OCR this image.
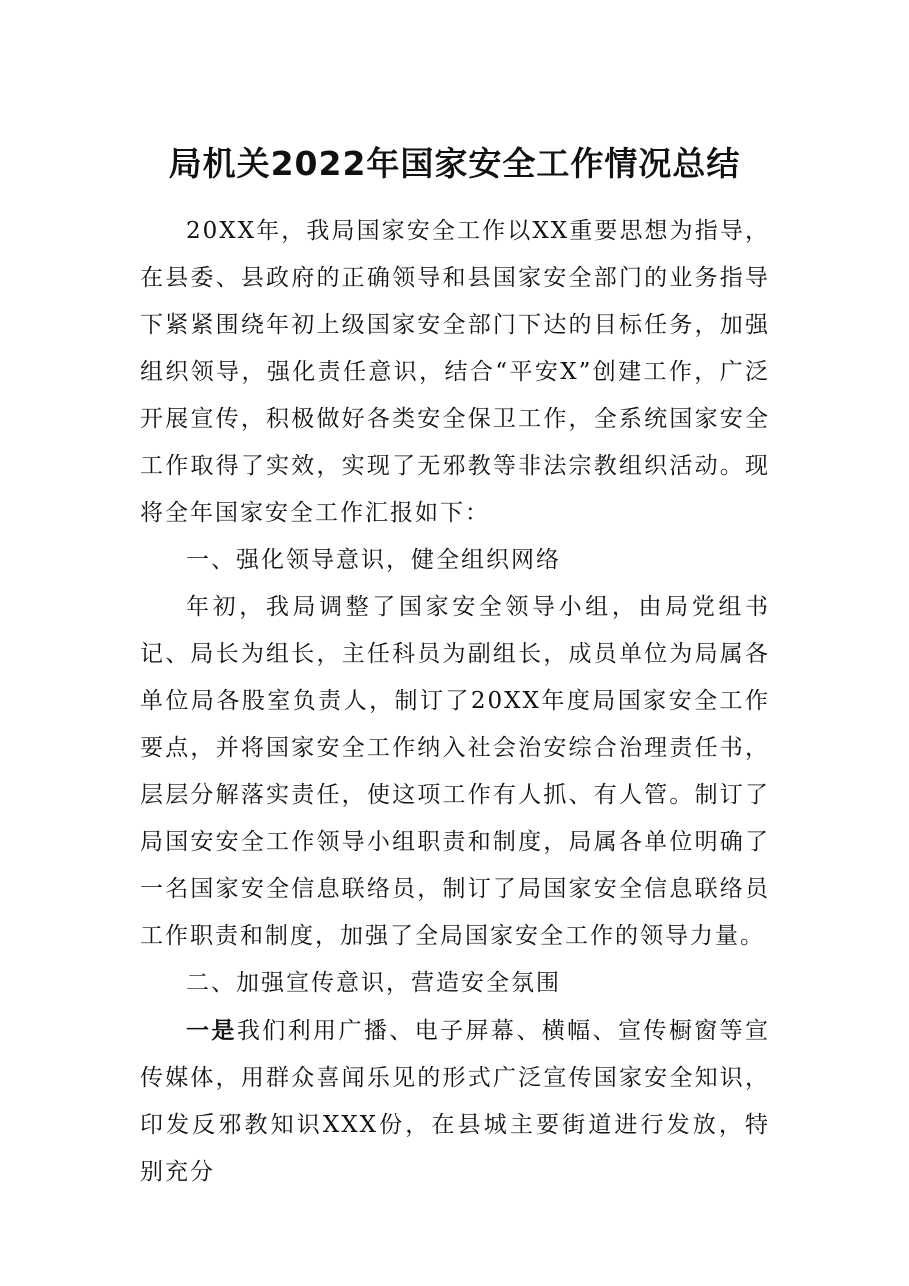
局机关2022年国家安全工作情况总结

20XX年，我局国家安全工作以XX重要思想为指导，在县委、县政府的正确领导和县国家安全部门的业务指导下紧紧围绕年初上级国家安全部门下达的目标任务，加强组织领导，强化责任意识，结合“平安X”创建工作，广泛开展宣传，积极做好各类安全保卫工作，全系统国家安全工作取得了实效，实现了无邪教等非法宗教组织活动。现将全年国家安全工作汇报如下：

一、强化领导意识，健全组织网络

年初，我局调整了国家安全领导小组，由局党组书记、局长为组长，主任科员为副组长，成员单位为局属各单位局各股室负责人，制订了20XX年度局国家安全工作要点，并将国家安全工作纳入社会治安综合治理责任书，层层分解落实责任，使这项工作有人抓、有人管。制订了局国安安全工作领导小组职责和制度，局属各单位明确了一名国家安全信息联络员，制订了局国家安全信息联络员工作职责和制度，加强了全局国家安全工作的领导力量。

二、加强宣传意识，营造安全氛围

一是我们利用广播、电子屏幕、横幅、宣传橱窗等宣传媒体，用群众喜闻乐见的形式广泛宣传国家安全知识，印发反邪教知识XXX份，在县城主要街道进行发放，特别充分
